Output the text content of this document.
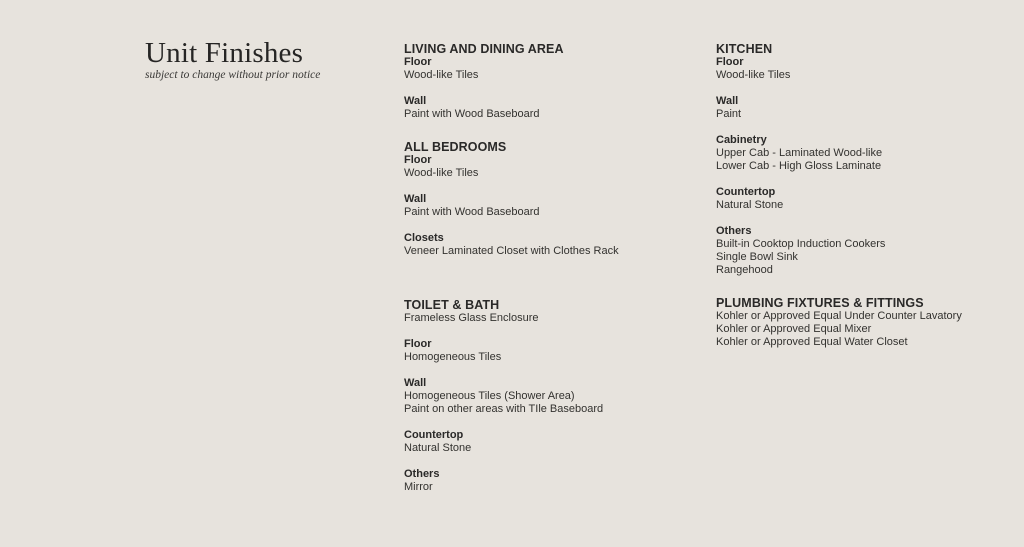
Unit Finishes
subject to change without prior notice
LIVING AND DINING AREA
Floor
Wood-like Tiles
Wall
Paint with Wood Baseboard
ALL BEDROOMS
Floor
Wood-like Tiles
Wall
Paint with Wood Baseboard
Closets
Veneer Laminated Closet with Clothes Rack
TOILET & BATH
Frameless Glass Enclosure
Floor
Homogeneous Tiles
Wall
Homogeneous Tiles (Shower Area)
Paint on other areas with TIle Baseboard
Countertop
Natural Stone
Others
Mirror
KITCHEN
Floor
Wood-like Tiles
Wall
Paint
Cabinetry
Upper Cab - Laminated Wood-like
Lower Cab - High Gloss Laminate
Countertop
Natural Stone
Others
Built-in Cooktop Induction Cookers
Single Bowl Sink
Rangehood
PLUMBING FIXTURES & FITTINGS
Kohler or Approved Equal Under Counter Lavatory
Kohler or Approved Equal Mixer
Kohler or Approved Equal Water Closet
